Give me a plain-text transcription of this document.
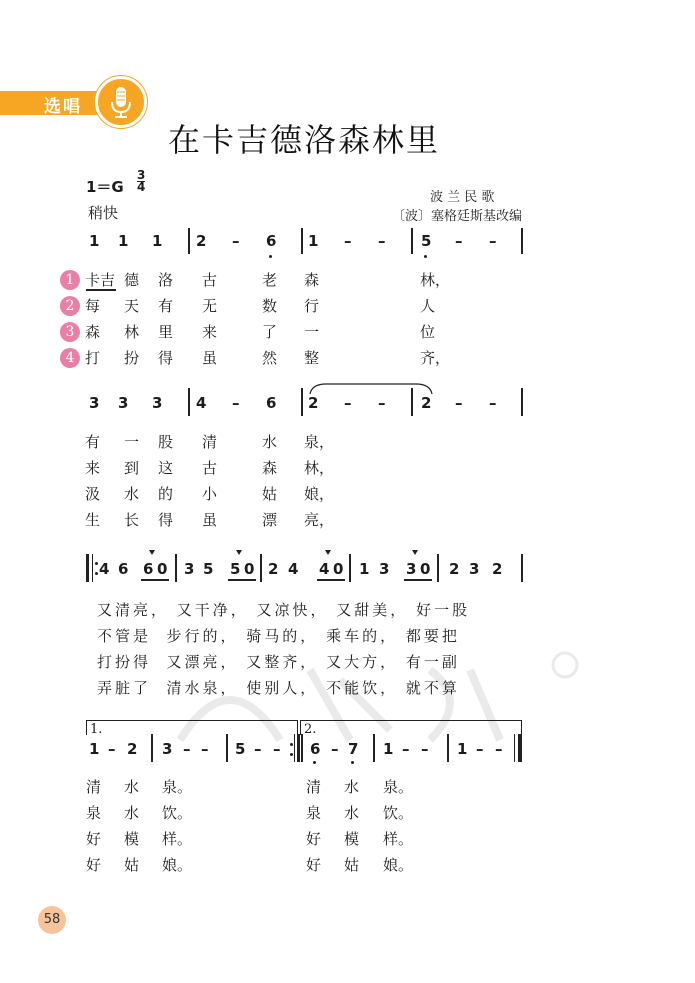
选唱
在卡吉德洛森林里
1＝G
3
4
稍快
波 兰 民 歌
〔波〕塞格廷斯基改编
1 1 1 2 – 6 1 – – 5 – –
1
2
3
4
卡吉 德 洛 古	老 森	林，
每 天 有 无	数 行	人
森 林 里 来	了 一	位
打 扮 得 虽	然 整	齐，
3 3 3 4 – 6 2 – – 2 – –
有 一 股 清	水 泉，
来 到 这 古	森 林，
汲 水 的 小	姑 娘，
生 长 得 虽	漂 亮，
4 6 6 0 3 5 5 0 2 4 4 0 1 3 3 0 2 3 2
又清亮， 又干净， 又凉快， 又甜美， 好一股
不管是  步行的， 骑马的， 乘车的， 都要把
打扮得  又漂亮， 又整齐， 又大方， 有一副
弄脏了  清水泉， 使别人， 不能饮， 就不算
1.	2.
1 – 2 3 – – 5 – – 6 – 7 1 – – 1 – –
清 水 泉。	清 水 泉。
泉 水 饮。	泉 水 饮。
好 模 样。	好 模 样。
好 姑 娘。	好 姑 娘。
58
